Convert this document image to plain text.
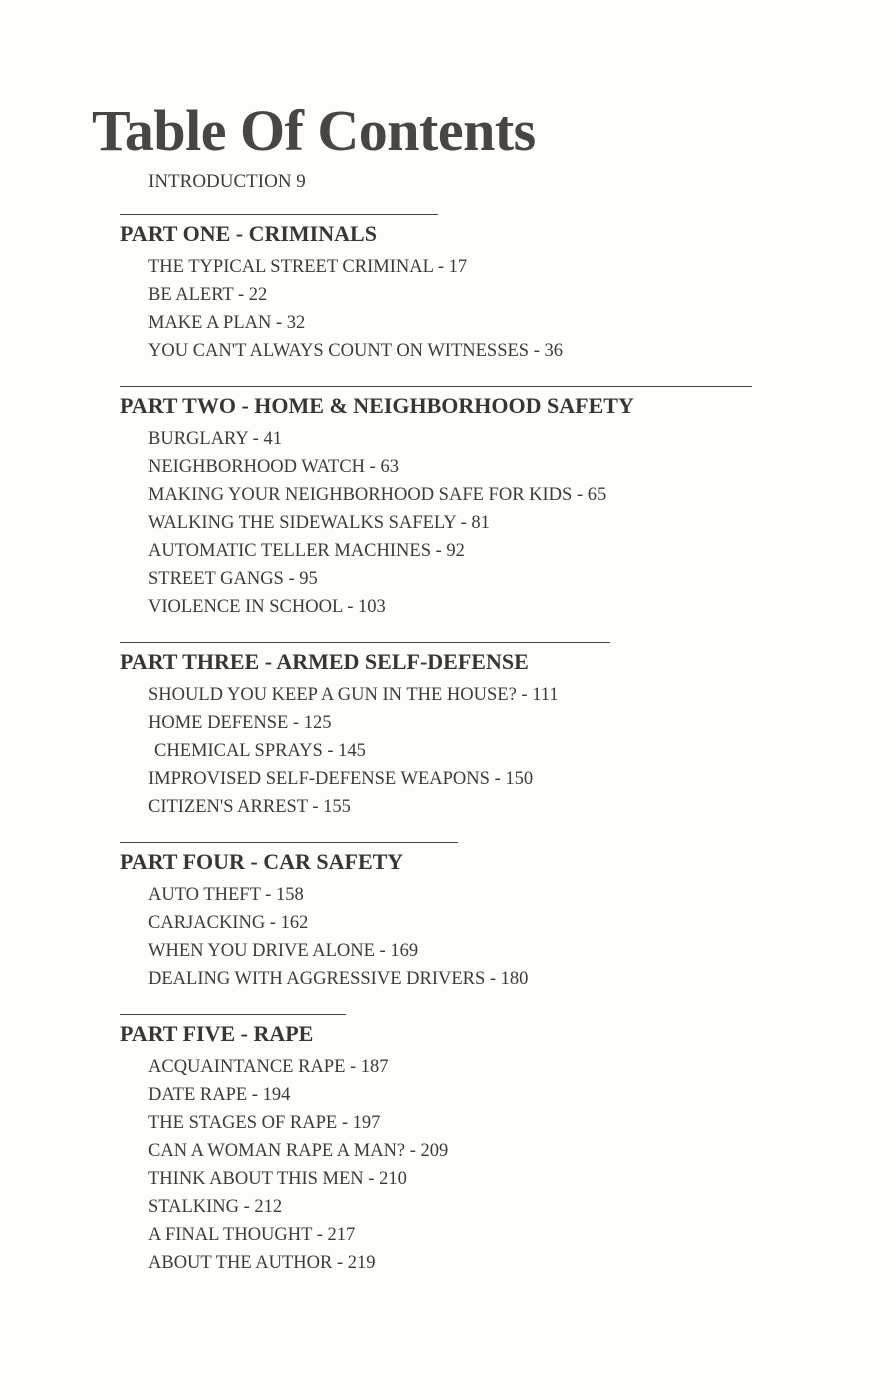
Table Of Contents
INTRODUCTION 9
PART ONE - CRIMINALS
THE TYPICAL STREET CRIMINAL - 17
BE ALERT - 22
MAKE A PLAN - 32
YOU CAN'T ALWAYS COUNT ON WITNESSES - 36
PART TWO - HOME & NEIGHBORHOOD SAFETY
BURGLARY - 41
NEIGHBORHOOD WATCH - 63
MAKING YOUR NEIGHBORHOOD SAFE FOR KIDS - 65
WALKING THE SIDEWALKS SAFELY - 81
AUTOMATIC TELLER MACHINES - 92
STREET GANGS - 95
VIOLENCE IN SCHOOL - 103
PART THREE - ARMED SELF-DEFENSE
SHOULD YOU KEEP A GUN IN THE HOUSE? - 111
HOME DEFENSE - 125
CHEMICAL SPRAYS - 145
IMPROVISED SELF-DEFENSE WEAPONS - 150
CITIZEN'S ARREST - 155
PART FOUR - CAR SAFETY
AUTO THEFT - 158
CARJACKING - 162
WHEN YOU DRIVE ALONE - 169
DEALING WITH AGGRESSIVE DRIVERS - 180
PART FIVE - RAPE
ACQUAINTANCE RAPE - 187
DATE RAPE - 194
THE STAGES OF RAPE - 197
CAN A WOMAN RAPE A MAN? - 209
THINK ABOUT THIS MEN - 210
STALKING - 212
A FINAL THOUGHT - 217
ABOUT THE AUTHOR - 219
